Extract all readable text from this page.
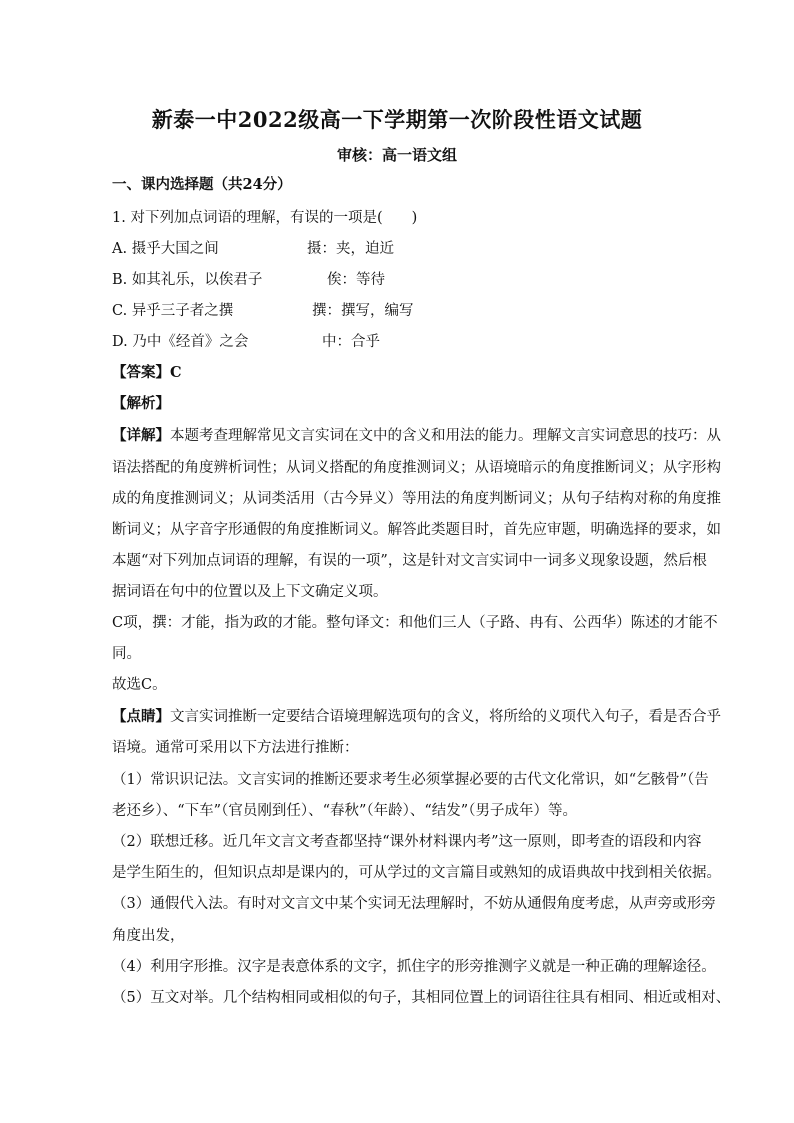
新泰一中2022级高一下学期第一次阶段性语文试题
审核：高一语文组
一、课内选择题（共24分）
1. 对下列加点词语的理解，有误的一项是(　　)
A. 摄乎大国之间	摄：夹，迫近
B. 如其礼乐，以俟君子	俟：等待
C. 异乎三子者之撰	撰：撰写，编写
D. 乃中《经首》之会	中：合乎
【答案】C
【解析】
【详解】本题考查理解常见文言实词在文中的含义和用法的能力。理解文言实词意思的技巧：从
语法搭配的角度辨析词性；从词义搭配的角度推测词义；从语境暗示的角度推断词义；从字形构
成的角度推测词义；从词类活用（古今异义）等用法的角度判断词义；从句子结构对称的角度推
断词义；从字音字形通假的角度推断词义。解答此类题目时，首先应审题，明确选择的要求，如
本题“对下列加点词语的理解，有误的一项”，这是针对文言实词中一词多义现象设题，然后根
据词语在句中的位置以及上下文确定义项。
C项，撰：才能，指为政的才能。整句译文：和他们三人（子路、冉有、公西华）陈述的才能不
同。
故选C。
【点睛】文言实词推断一定要结合语境理解选项句的含义，将所给的义项代入句子，看是否合乎
语境。通常可采用以下方法进行推断：
（1）常识识记法。文言实词的推断还要求考生必须掌握必要的古代文化常识，如“乞骸骨”（告
老还乡）、“下车”（官员刚到任）、“春秋”（年龄）、“结发”（男子成年）等。
（2）联想迁移。近几年文言文考查都坚持“课外材料课内考”这一原则，即考查的语段和内容
是学生陌生的，但知识点却是课内的，可从学过的文言篇目或熟知的成语典故中找到相关依据。
（3）通假代入法。有时对文言文中某个实词无法理解时，不妨从通假角度考虑，从声旁或形旁
角度出发，
（4）利用字形推。汉字是表意体系的文字，抓住字的形旁推测字义就是一种正确的理解途径。
（5）互文对举。几个结构相同或相似的句子，其相同位置上的词语往往具有相同、相近或相对、
